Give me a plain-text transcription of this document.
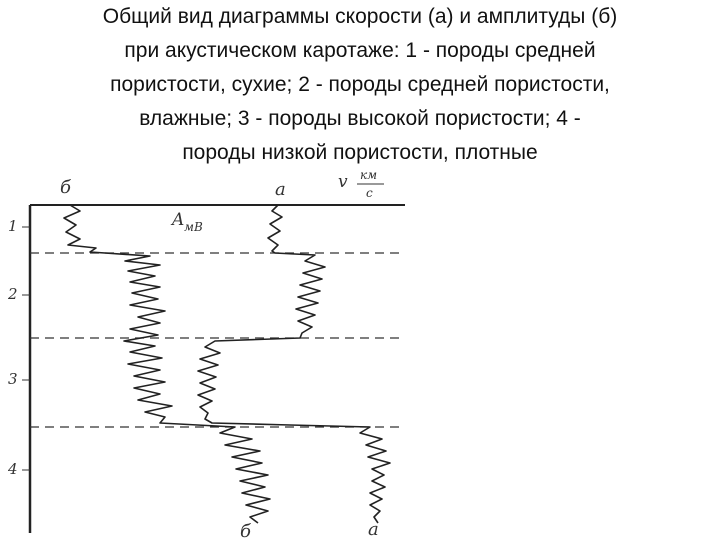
Общий вид диаграммы скорости (а) и амплитуды (б)
при акустическом каротаже: 1 - породы средней
пористости, сухие; 2 - породы средней пористости,
влажные; 3 - породы высокой пористости; 4 -
породы низкой пористости, плотные
1
2
3
4
б	а
б	а
v км
с
A мВ
